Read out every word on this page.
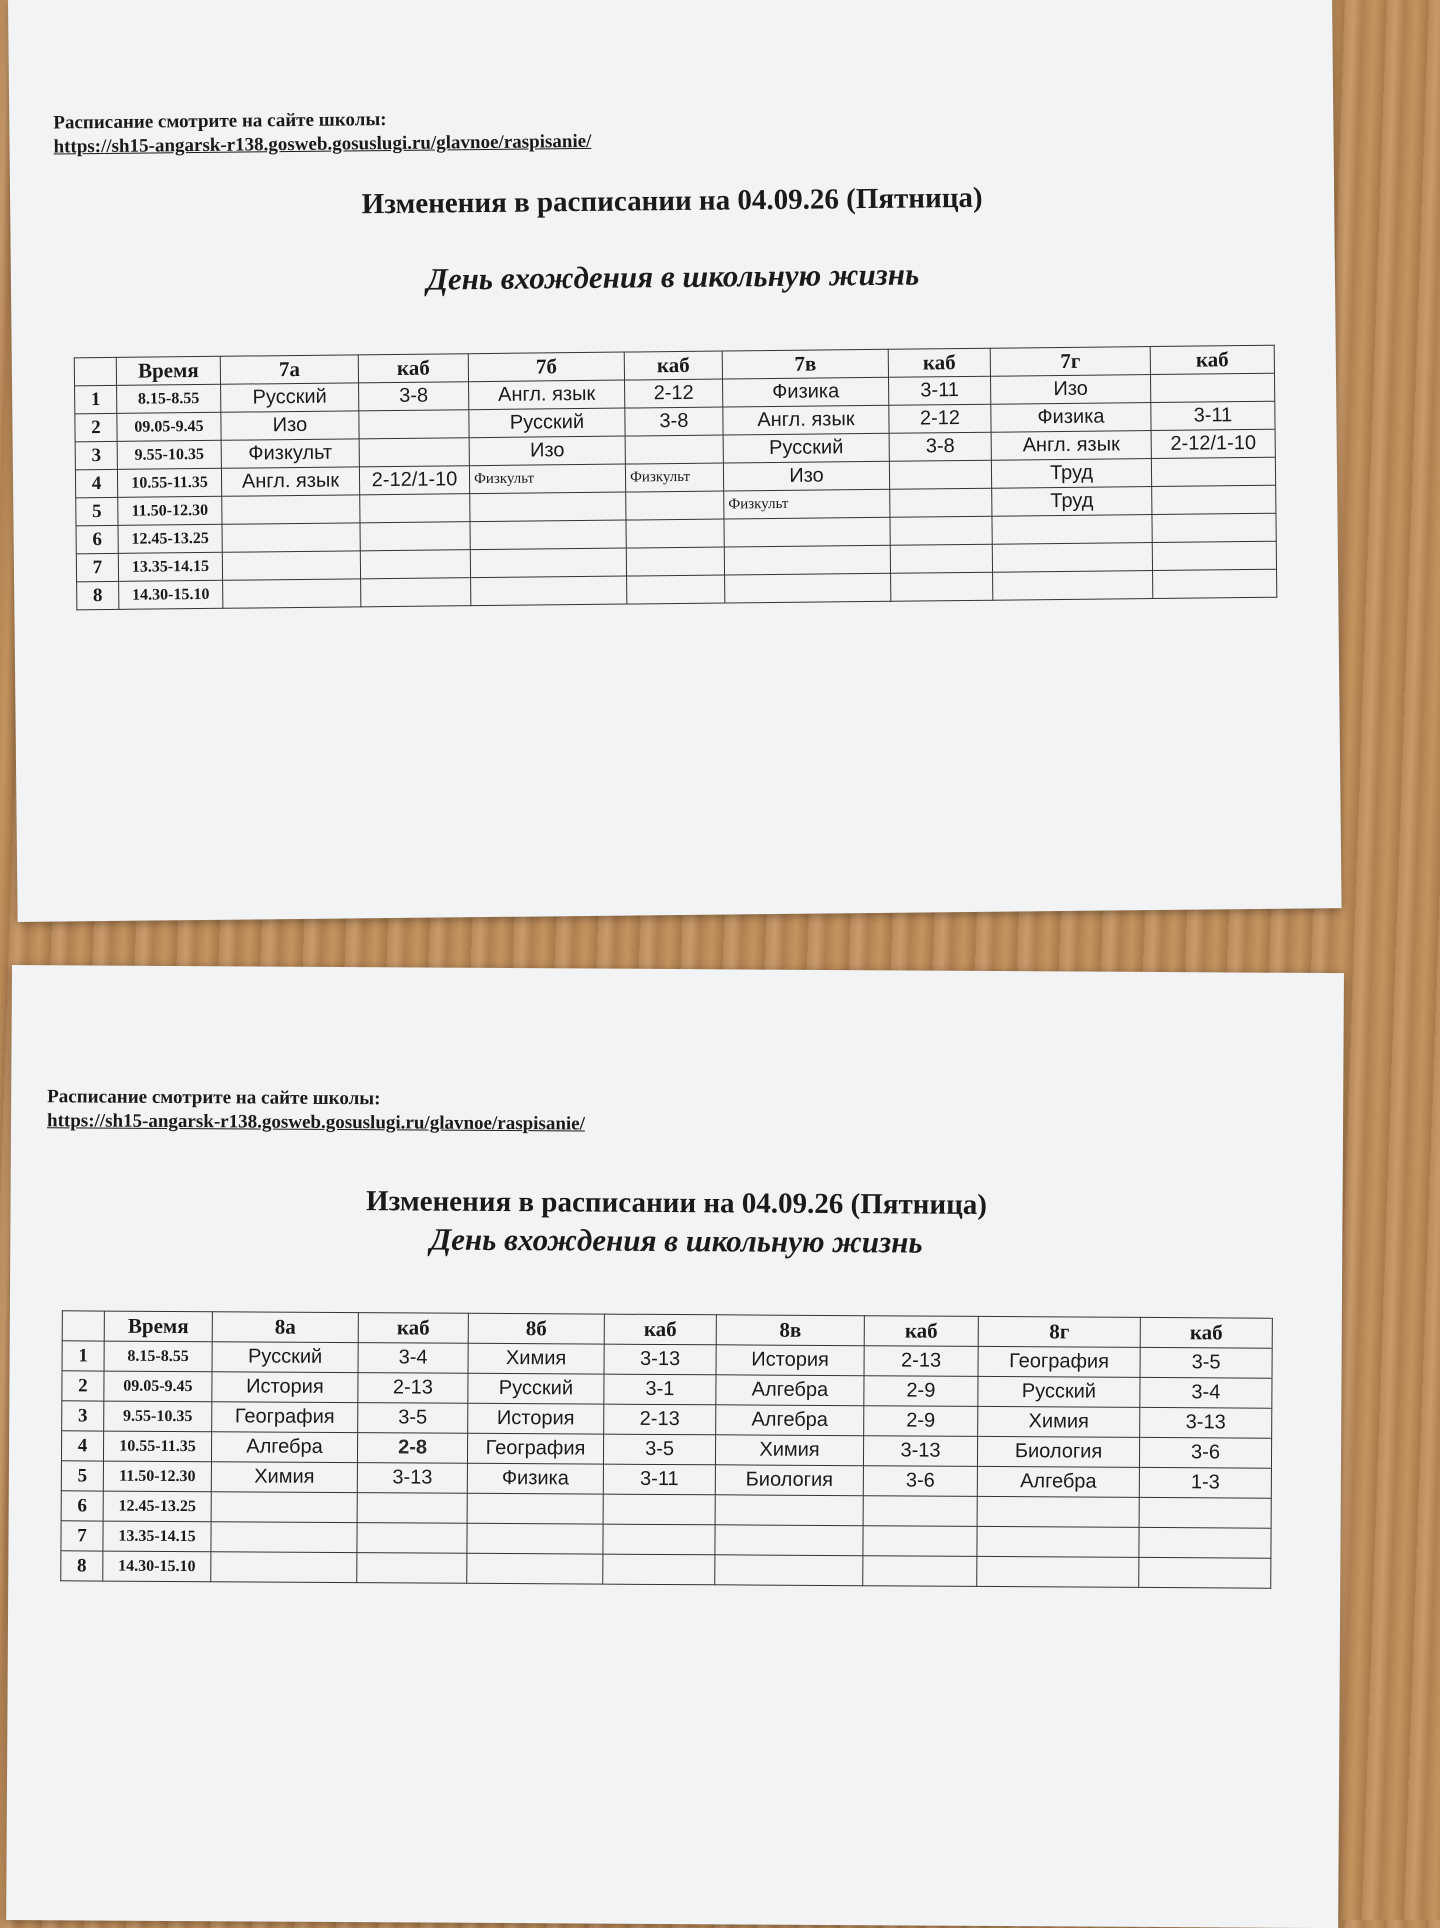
Расписание смотрите на сайте школы:
https://sh15-angarsk-r138.gosweb.gosuslugi.ru/glavnoe/raspisanie/
Изменения в расписании на 04.09.26 (Пятница)
День вхождения в школьную жизнь
	Время	7а	каб	7б	каб	7в	каб	7г	каб
1	8.15-8.55	Русский	3-8	Англ. язык	2-12	Физика	3-11	Изо	
2	09.05-9.45	Изо		Русский	3-8	Англ. язык	2-12	Физика	3-11
3	9.55-10.35	Физкульт		Изо		Русский	3-8	Англ. язык	2-12/1-10
4	10.55-11.35	Англ. язык	2-12/1-10	Физкульт	Физкульт	Изо		Труд	
5	11.50-12.30					Физкульт		Труд	
6	12.45-13.25								
7	13.35-14.15								
8	14.30-15.10								
Расписание смотрите на сайте школы:
https://sh15-angarsk-r138.gosweb.gosuslugi.ru/glavnoe/raspisanie/
Изменения в расписании на 04.09.26 (Пятница)
День вхождения в школьную жизнь
	Время	8а	каб	8б	каб	8в	каб	8г	каб
1	8.15-8.55	Русский	3-4	Химия	3-13	История	2-13	География	3-5
2	09.05-9.45	История	2-13	Русский	3-1	Алгебра	2-9	Русский	3-4
3	9.55-10.35	География	3-5	История	2-13	Алгебра	2-9	Химия	3-13
4	10.55-11.35	Алгебра	2-8	География	3-5	Химия	3-13	Биология	3-6
5	11.50-12.30	Химия	3-13	Физика	3-11	Биология	3-6	Алгебра	1-3
6	12.45-13.25								
7	13.35-14.15								
8	14.30-15.10								
